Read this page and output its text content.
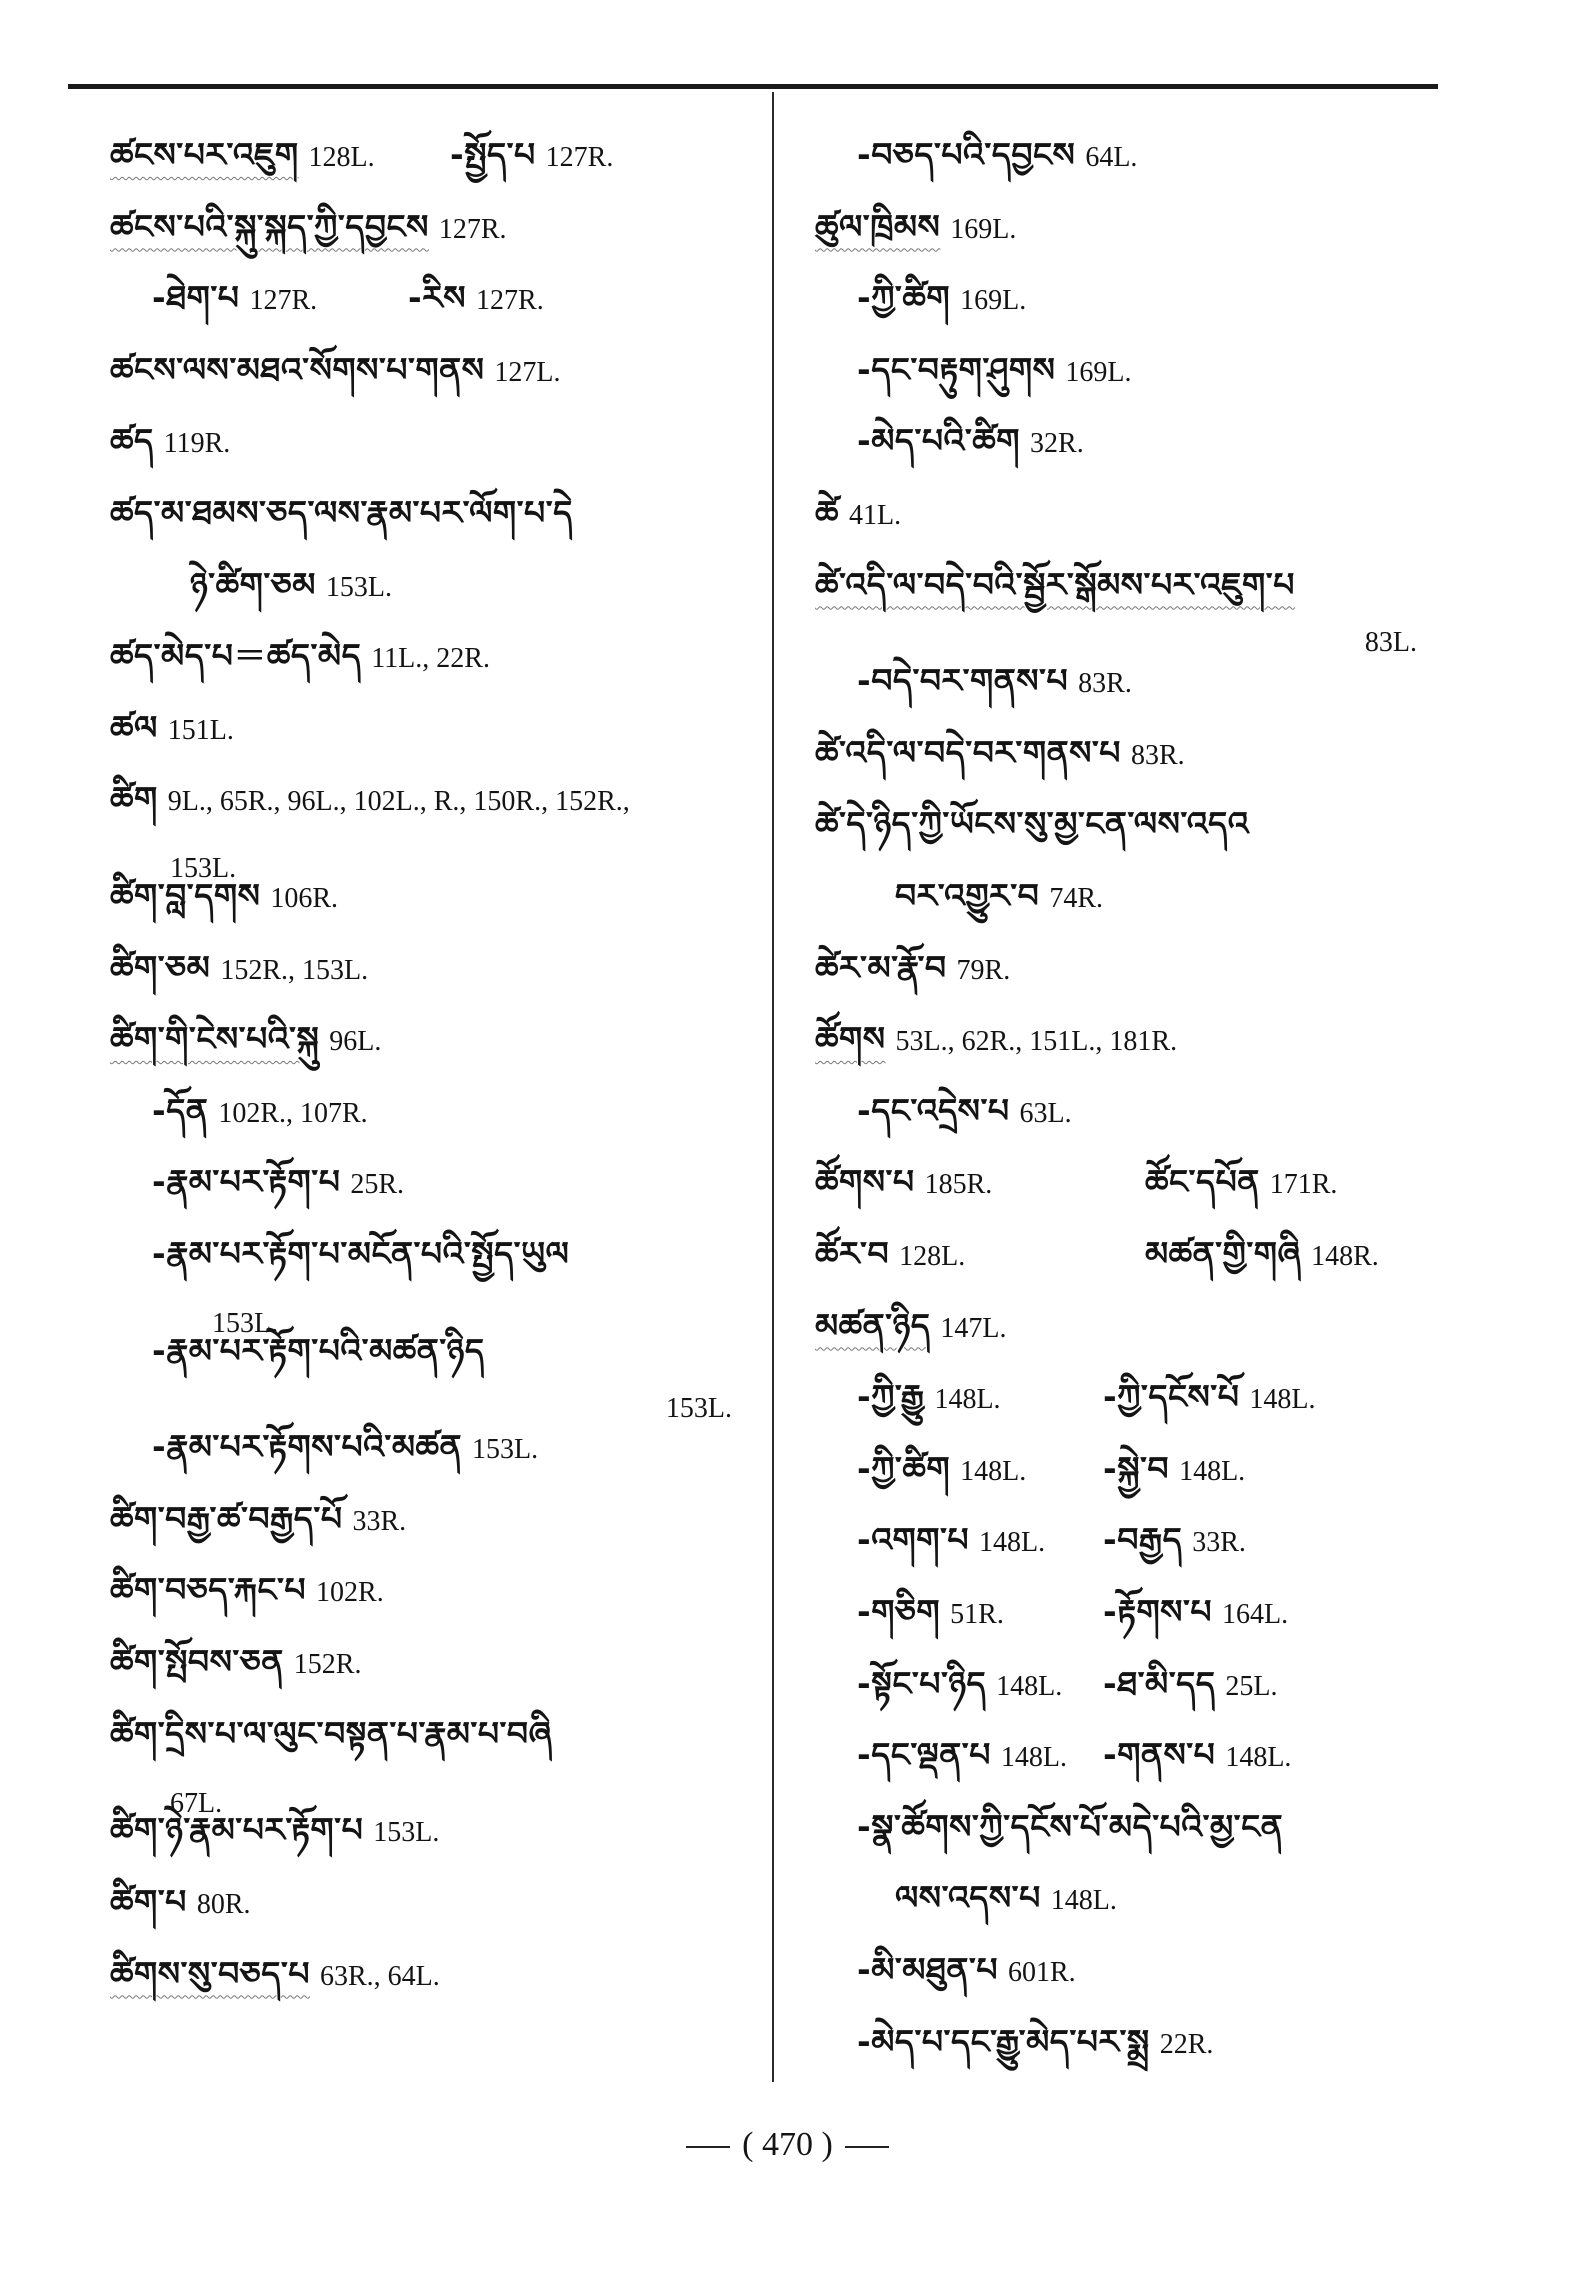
ཚངས་པར་འཇུག 128L. -སྤྱོད་པ 127R.
ཚངས་པའི་སྐུ་སྐད་ཀྱི་དབྱངས 127R.
-ཐེག་པ 127R.	-རིས 127R.
ཚངས་ལས་མཐའ་སོགས་པ་གནས 127L.
ཚད 119R.
ཚད་མ་ཐམས་ཅད་ལས་རྣམ་པར་ལོག་པ་དེ
ཉེ་ཚིག་ཅམ 153L.
ཚད་མེད་པ＝ཚད་མེད 11L., 22R.
ཚལ 151L.
ཚིག 9L., 65R., 96L., 102L., R., 150R., 152R.,
153L.
ཚིག་བླ་དགས 106R.
ཚིག་ཅམ 152R., 153L.
ཚིག་གི་ངེས་པའི་སྐུ 96L.
-དོན 102R., 107R.
-རྣམ་པར་རྟོག་པ 25R.
-རྣམ་པར་རྟོག་པ་མངོན་པའི་སྤྱོད་ཡུལ
153L.
-རྣམ་པར་རྟོག་པའི་མཚན་ཉིད
153L.
-རྣམ་པར་རྟོགས་པའི་མཚན 153L.
ཚིག་བརྒྱ་ཚ་བརྒྱད་པོ 33R.
ཚིག་བཅད་རྐང་པ 102R.
ཚིག་སྤོབས་ཅན 152R.
ཚིག་དྲིས་པ་ལ་ལུང་བསྟན་པ་རྣམ་པ་བཞི
67L.
ཚིག་ཉེ་རྣམ་པར་རྟོག་པ 153L.
ཚིག་པ 80R.
ཚིགས་སུ་བཅད་པ 63R., 64L.
-བཅད་པའི་དབྱངས 64L.
ཚུལ་ཁྲིམས 169L.
-ཀྱི་ཚིག 169L.
-དང་བརྟུག་ཤུགས 169L.
-མེད་པའི་ཚིག 32R.
ཚེ 41L.
ཚེ་འདི་ལ་བདེ་བའི་སྦྱོར་སྒོམས་པར་འཇུག་པ
83L.
-བདེ་བར་གནས་པ 83R.
ཚེ་འདི་ལ་བདེ་བར་གནས་པ 83R.
ཚེ་དེ་ཉིད་ཀྱི་ཡོངས་སུ་མྱ་ངན་ལས་འདའ
བར་འགྱུར་བ 74R.
ཚེར་མ་རྣོ་བ 79R.
ཚོགས 53L., 62R., 151L., 181R.
-དང་འདྲེས་པ 63L.
ཚོགས་པ 185R.	ཚོང་དཔོན 171R.
ཚོར་བ 128L.	མཚན་གྱི་གཞི 148R.
མཚན་ཉིད 147L.
-ཀྱི་རྒྱུ 148L.	-ཀྱི་དངོས་པོ 148L.
-ཀྱི་ཚིག 148L. -སྐྱེ་བ 148L.
-འགག་པ 148L. -བརྒྱད 33R.
-གཅིག 51R.	-རྟོགས་པ 164L.
-སྟོང་པ་ཉིད 148L. -ཐ་མི་དད 25L.
-དང་ལྡན་པ 148L. -གནས་པ 148L.
-སྣ་ཚོགས་ཀྱི་དངོས་པོ་མདེ་པའི་མྱ་ངན
ལས་འདས་པ 148L.
-མི་མཐུན་པ 601R.
-མེད་པ་དང་རྒྱུ་མེད་པར་སྨྲ 22R.
( 470 )
